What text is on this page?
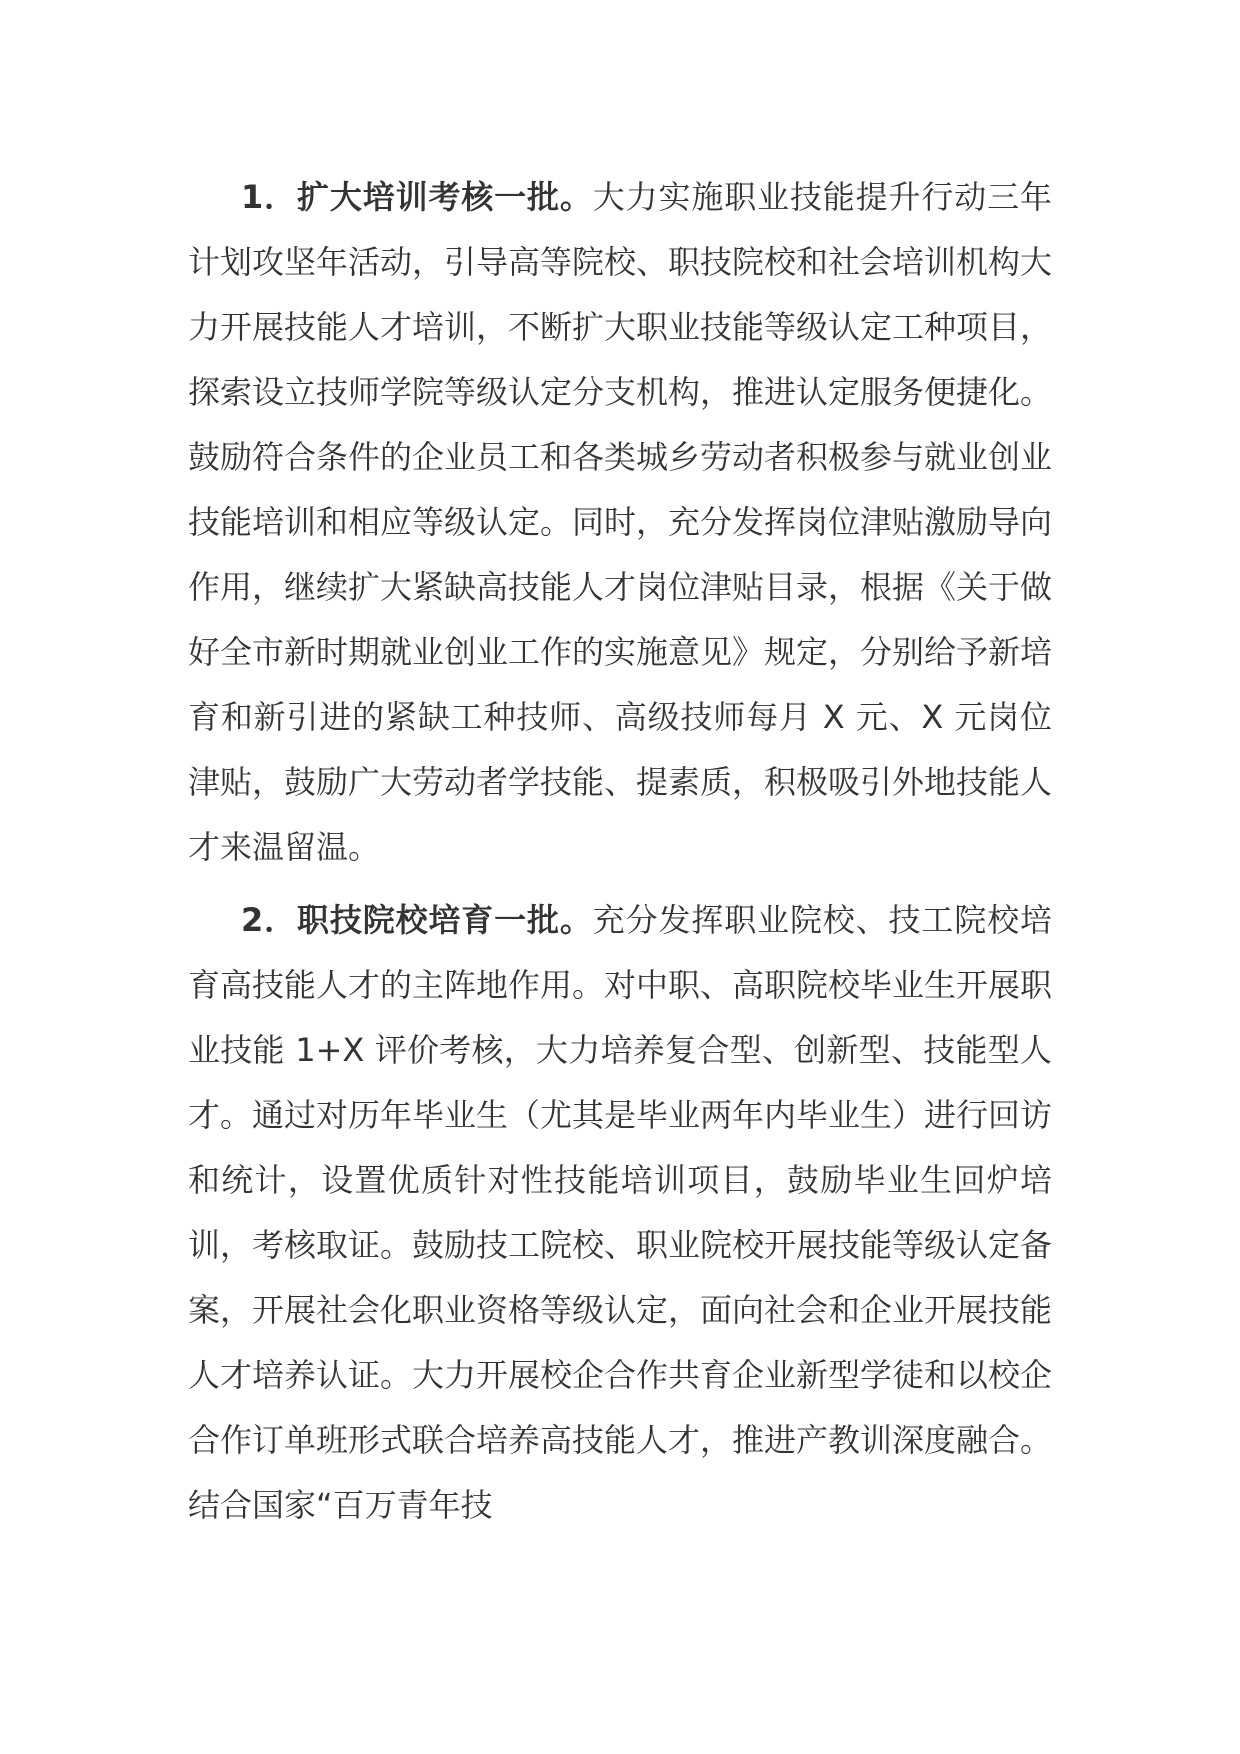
1．扩大培训考核一批。大力实施职业技能提升行动三年计划攻坚年活动，引导高等院校、职技院校和社会培训机构大力开展技能人才培训，不断扩大职业技能等级认定工种项目，探索设立技师学院等级认定分支机构，推进认定服务便捷化。鼓励符合条件的企业员工和各类城乡劳动者积极参与就业创业技能培训和相应等级认定。同时，充分发挥岗位津贴激励导向作用，继续扩大紧缺高技能人才岗位津贴目录，根据《关于做好全市新时期就业创业工作的实施意见》规定，分别给予新培育和新引进的紧缺工种技师、高级技师每月 X 元、X 元岗位津贴，鼓励广大劳动者学技能、提素质，积极吸引外地技能人才来温留温。

2．职技院校培育一批。充分发挥职业院校、技工院校培育高技能人才的主阵地作用。对中职、高职院校毕业生开展职业技能 1+X 评价考核，大力培养复合型、创新型、技能型人才。通过对历年毕业生（尤其是毕业两年内毕业生）进行回访和统计，设置优质针对性技能培训项目，鼓励毕业生回炉培训，考核取证。鼓励技工院校、职业院校开展技能等级认定备案，开展社会化职业资格等级认定，面向社会和企业开展技能人才培养认证。大力开展校企合作共育企业新型学徒和以校企合作订单班形式联合培养高技能人才，推进产教训深度融合。结合国家“百万青年技
